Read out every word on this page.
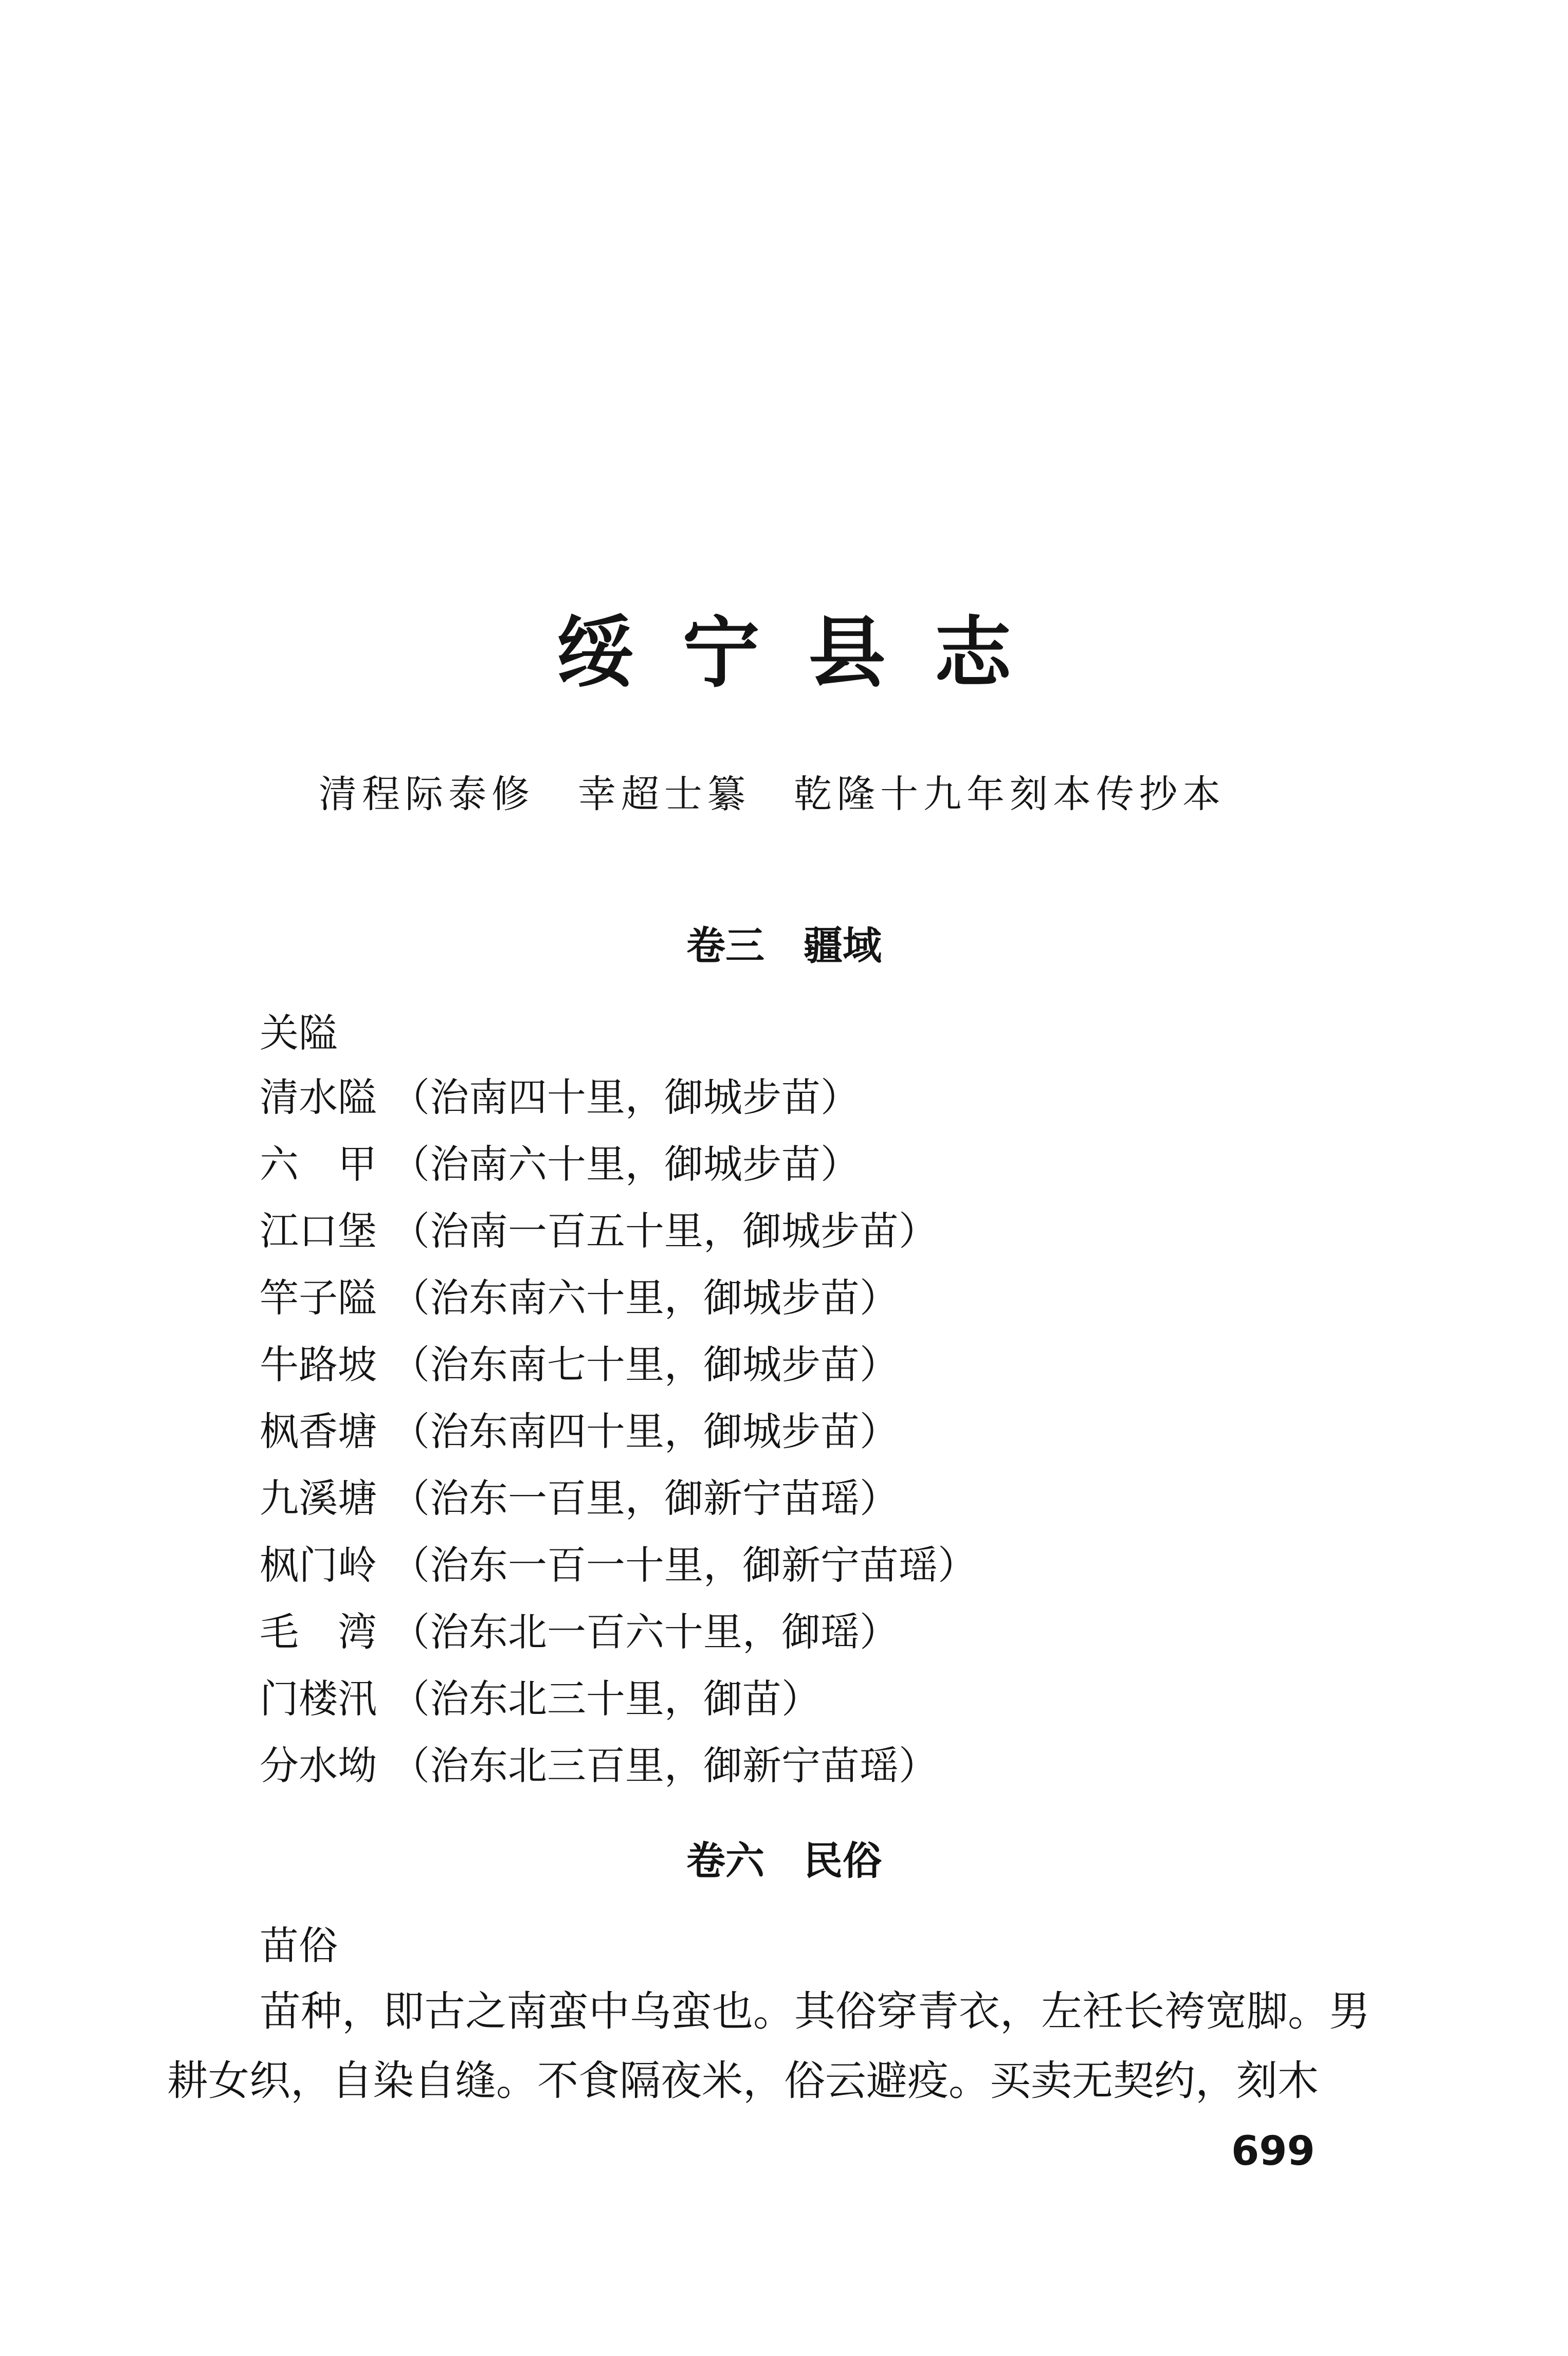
绥宁县志
清程际泰修　幸超士纂　乾隆十九年刻本传抄本
卷三　疆域
关隘
清水隘 （治南四十里，御城步苗）
六　甲 （治南六十里，御城步苗）
江口堡 （治南一百五十里，御城步苗）
竿子隘 （治东南六十里，御城步苗）
牛路坡 （治东南七十里，御城步苗）
枫香塘 （治东南四十里，御城步苗）
九溪塘 （治东一百里，御新宁苗瑶）
枫门岭 （治东一百一十里，御新宁苗瑶）
毛　湾 （治东北一百六十里，御瑶）
门楼汛 （治东北三十里，御苗）
分水坳 （治东北三百里，御新宁苗瑶）
卷六　民俗
苗俗
苗种，即古之南蛮中乌蛮也。其俗穿青衣，左衽长袴宽脚。男
耕女织，自染自缝。不食隔夜米，俗云避疫。买卖无契约，刻木
699
